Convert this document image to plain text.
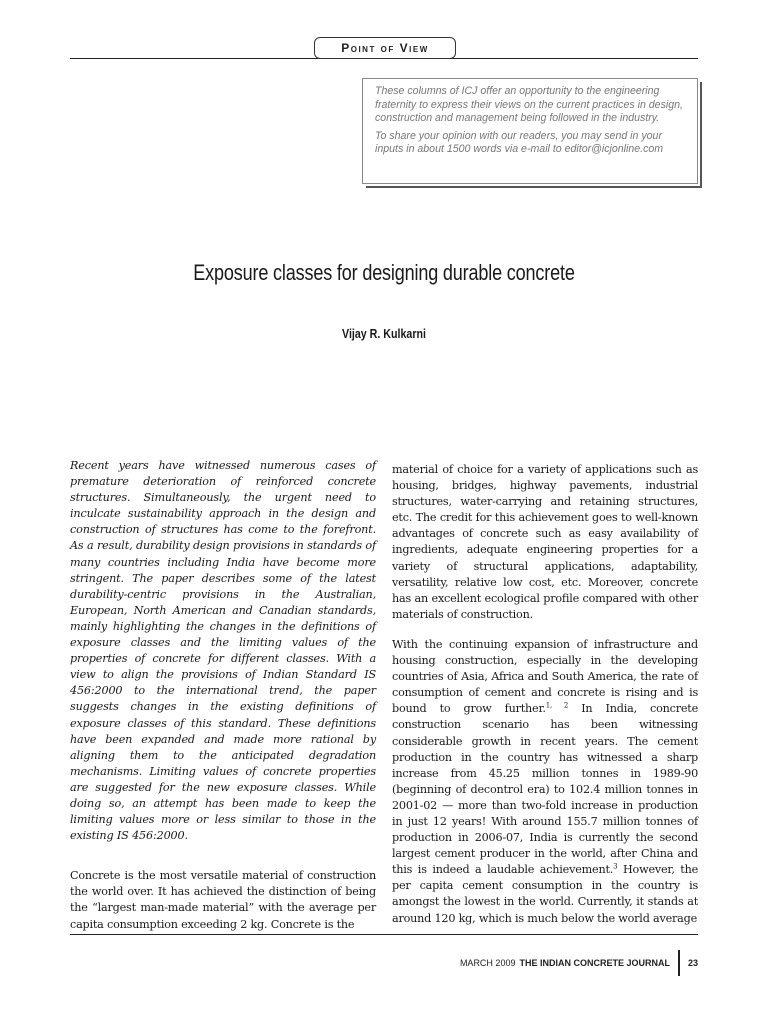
Point of View

These columns of ICJ offer an opportunity to the engineering fraternity to express their views on the current practices in design, construction and management being followed in the industry.

To share your opinion with our readers, you may send in your inputs in about 1500 words via e-mail to editor@icjonline.com

Exposure classes for designing durable concrete
Vijay R. Kulkarni

Recent years have witnessed numerous cases of premature deterioration of reinforced concrete structures. Simultaneously, the urgent need to inculcate sustainability approach in the design and construction of structures has come to the forefront. As a result, durability design provisions in standards of many countries including India have become more stringent. The paper describes some of the latest durability-centric provisions in the Australian, European, North American and Canadian standards, mainly highlighting the changes in the definitions of exposure classes and the limiting values of the properties of concrete for different classes. With a view to align the provisions of Indian Standard IS 456:2000 to the international trend, the paper suggests changes in the existing definitions of exposure classes of this standard. These definitions have been expanded and made more rational by aligning them to the anticipated degradation mechanisms. Limiting values of concrete properties are suggested for the new exposure classes. While doing so, an attempt has been made to keep the limiting values more or less similar to those in the existing IS 456:2000.

Concrete is the most versatile material of construction the world over. It has achieved the distinction of being the “largest man-made material” with the average per capita consumption exceeding 2 kg. Concrete is the

material of choice for a variety of applications such as housing, bridges, highway pavements, industrial structures, water-carrying and retaining structures, etc. The credit for this achievement goes to well-known advantages of concrete such as easy availability of ingredients, adequate engineering properties for a variety of structural applications, adaptability, versatility, relative low cost, etc. Moreover, concrete has an excellent ecological profile compared with other materials of construction.

With the continuing expansion of infrastructure and housing construction, especially in the developing countries of Asia, Africa and South America, the rate of consumption of cement and concrete is rising and is bound to grow further.$^{1, 2}$ In India, concrete construction scenario has been witnessing considerable growth in recent years. The cement production in the country has witnessed a sharp increase from 45.25 million tonnes in 1989-90 (beginning of decontrol era) to 102.4 million tonnes in 2001-02 — more than two-fold increase in production in just 12 years! With around 155.7 million tonnes of production in 2006-07, India is currently the second largest cement producer in the world, after China and this is indeed a laudable achievement.$^3$ However, the per capita cement consumption in the country is amongst the lowest in the world. Currently, it stands at around 120 kg, which is much below the world average

MARCH 2009 THE INDIAN CONCRETE JOURNAL 23
